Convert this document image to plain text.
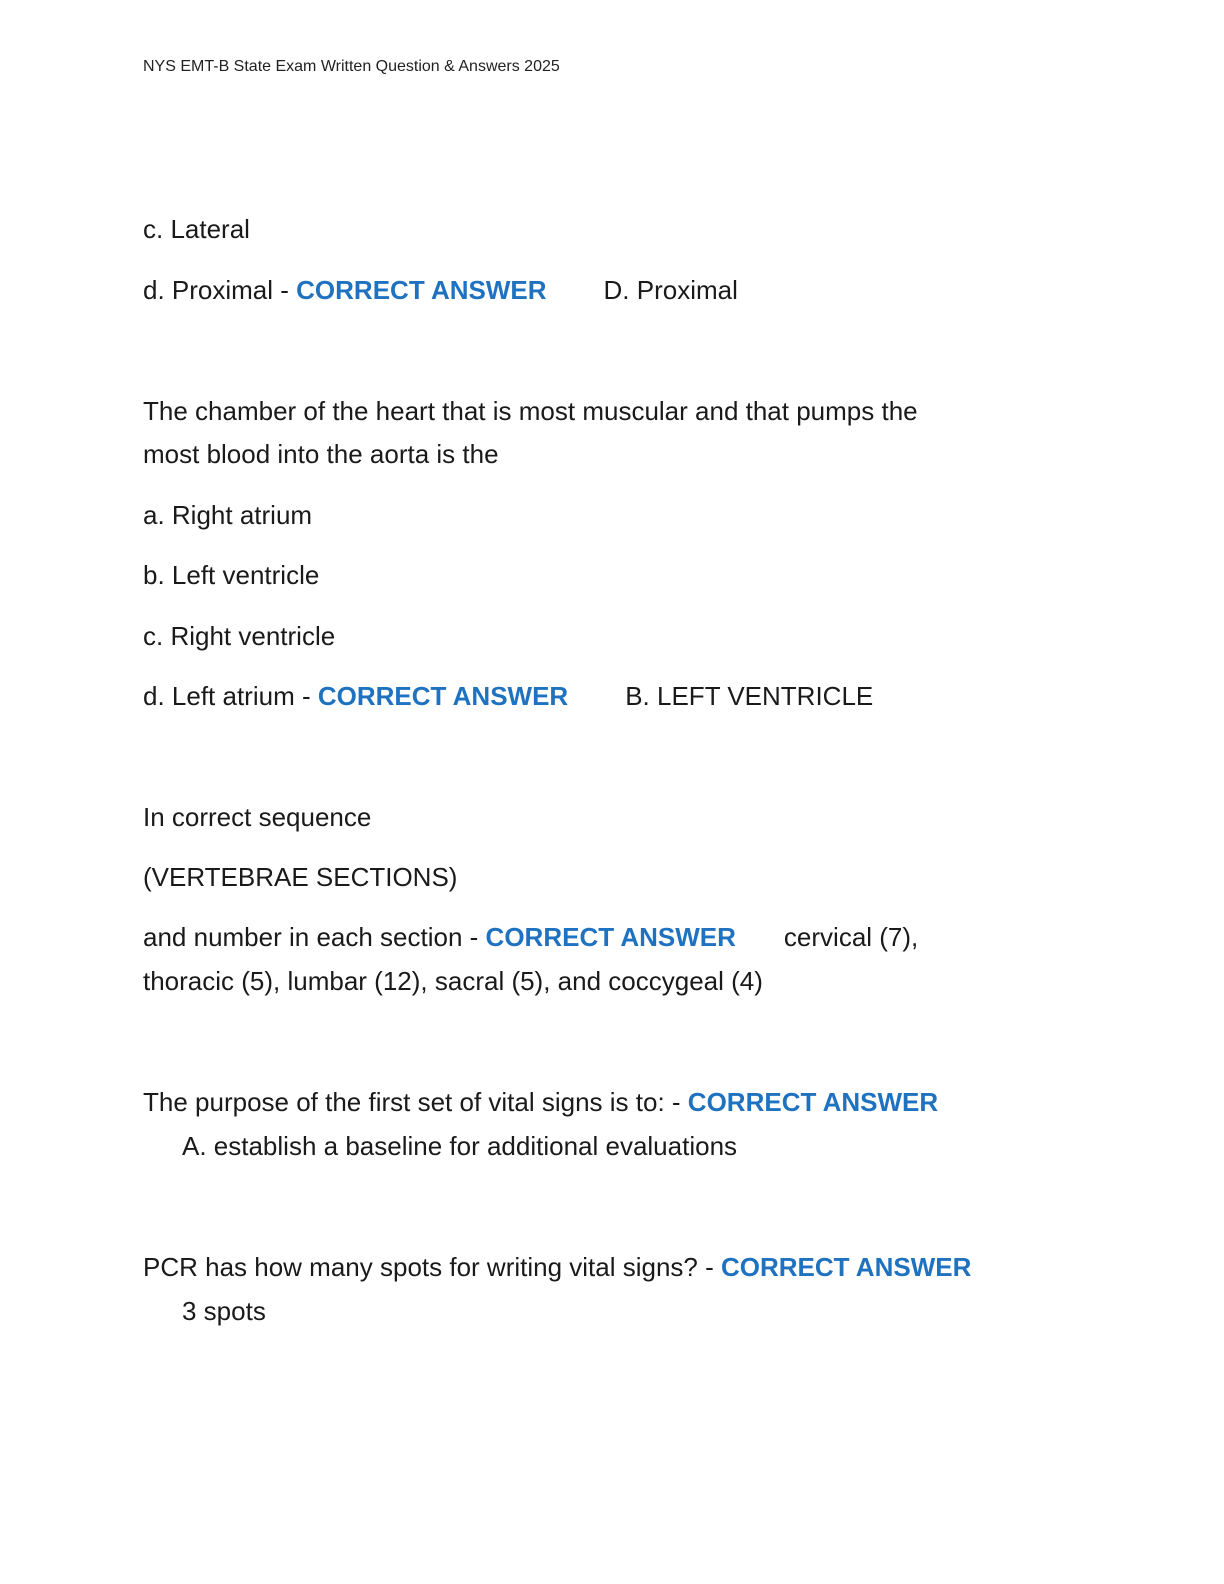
NYS EMT-B State Exam Written Question & Answers 2025
c. Lateral
d. Proximal - CORRECT ANSWER D. Proximal
The chamber of the heart that is most muscular and that pumps the
most blood into the aorta is the
a. Right atrium
b. Left ventricle
c. Right ventricle
d. Left atrium - CORRECT ANSWER B. LEFT VENTRICLE
In correct sequence
(VERTEBRAE SECTIONS)
and number in each section - CORRECT ANSWER cervical (7),
thoracic (5), lumbar (12), sacral (5), and coccygeal (4)
The purpose of the first set of vital signs is to: - CORRECT ANSWER
A. establish a baseline for additional evaluations
PCR has how many spots for writing vital signs? - CORRECT ANSWER
3 spots
